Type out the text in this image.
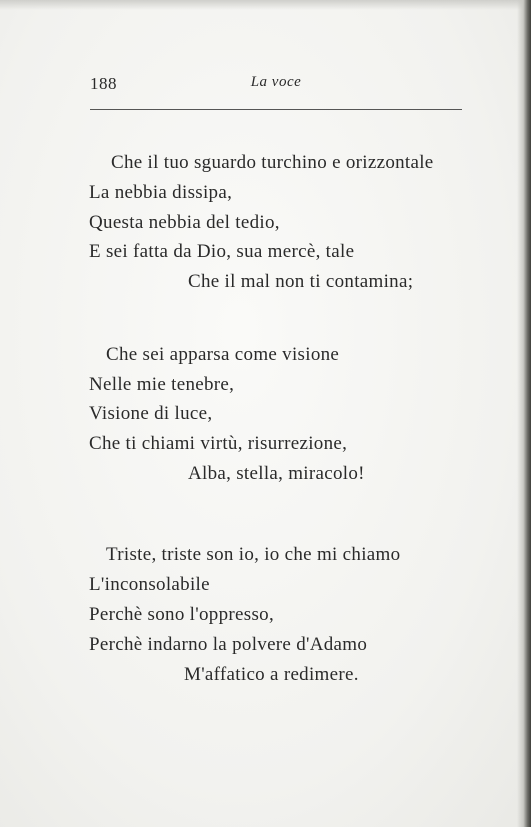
188	La voce
Che il tuo sguardo turchino e orizzontale
La nebbia dissipa,
Questa nebbia del tedio,
E sei fatta da Dio, sua mercè, tale
Che il mal non ti contamina;
Che sei apparsa come visione
Nelle mie tenebre,
Visione di luce,
Che ti chiami virtù, risurrezione,
Alba, stella, miracolo!
Triste, triste son io, io che mi chiamo
L'inconsolabile
Perchè sono l'oppresso,
Perchè indarno la polvere d'Adamo
M'affatico a redimere.
